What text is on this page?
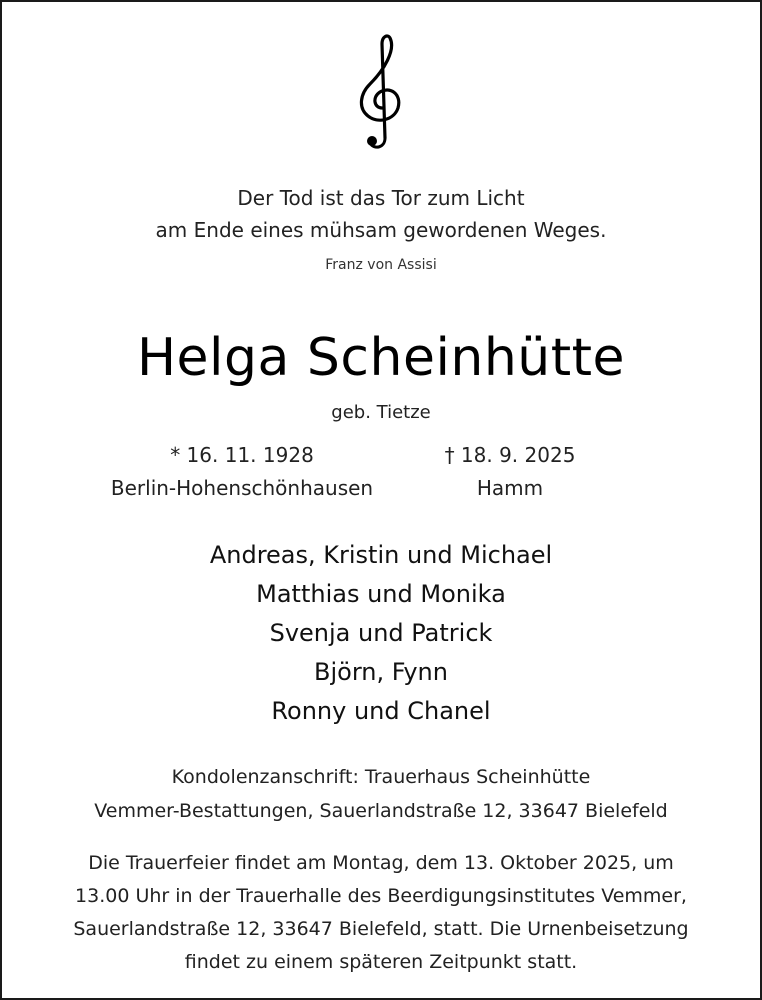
Der Tod ist das Tor zum Licht
am Ende eines mühsam gewordenen Weges.
Franz von Assisi
Helga Scheinhütte
geb. Tietze
* 16. 11. 1928
Berlin-Hohenschönhausen
† 18. 9. 2025
Hamm
Andreas, Kristin und Michael
Matthias und Monika
Svenja und Patrick
Björn, Fynn
Ronny und Chanel
Kondolenzanschrift: Trauerhaus Scheinhütte
Vemmer-Bestattungen, Sauerlandstraße 12, 33647 Bielefeld
Die Trauerfeier findet am Montag, dem 13. Oktober 2025, um
13.00 Uhr in der Trauerhalle des Beerdigungsinstitutes Vemmer,
Sauerlandstraße 12, 33647 Bielefeld, statt. Die Urnenbeisetzung
findet zu einem späteren Zeitpunkt statt.
